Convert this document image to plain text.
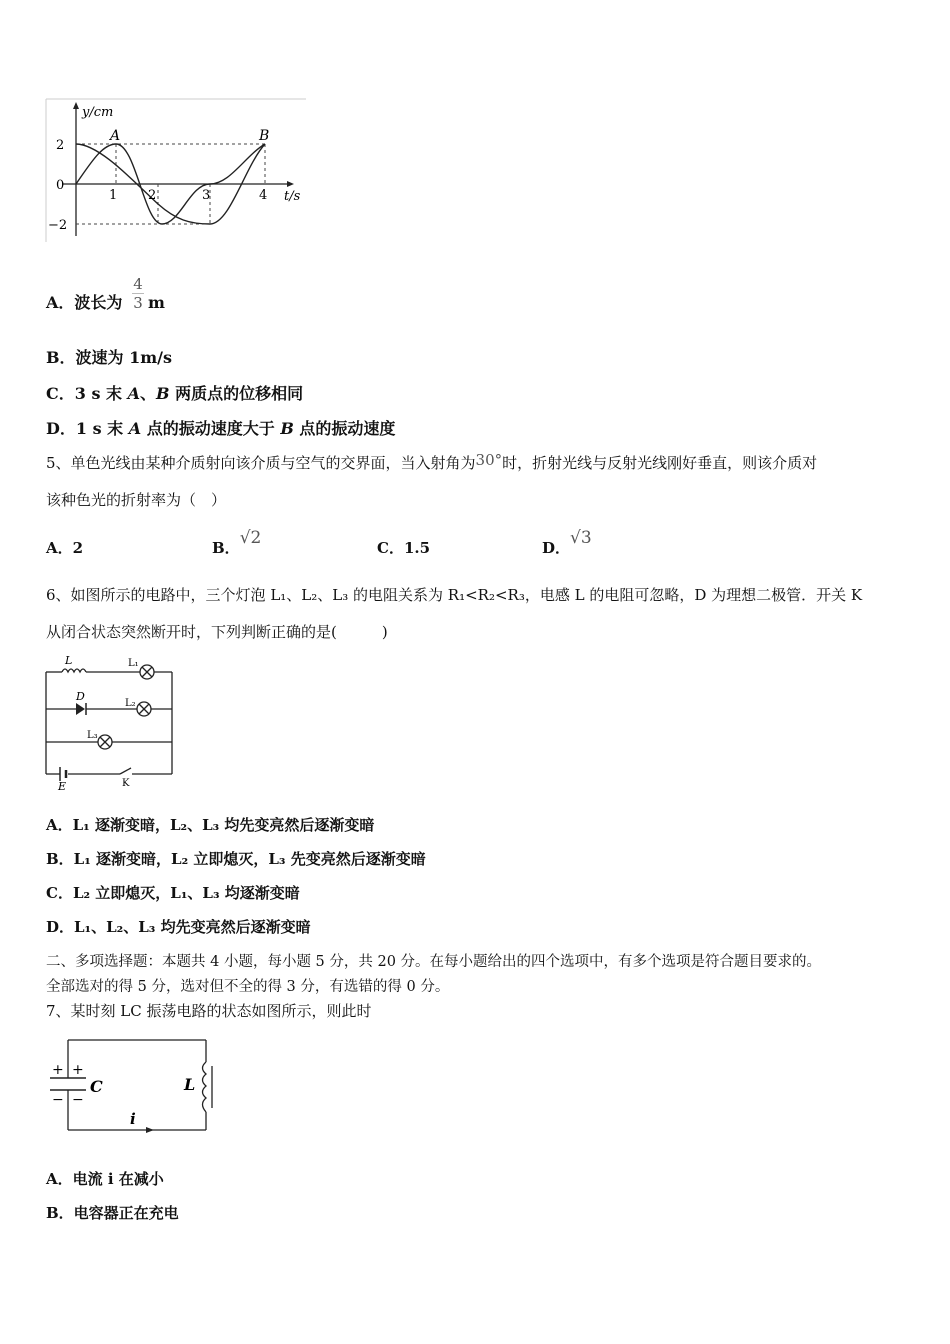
y/cm
t/s
2
0
−2
1 2	3	4
A	B
A．波长为 $\frac{4}{3}$ m
B．波速为 1m/s
C．3 s 末 A、B 两质点的位移相同
D．1 s 末 A 点的振动速度大于 B 点的振动速度
5、单色光线由某种介质射向该介质与空气的交界面，当入射角为30°时，折射光线与反射光线刚好垂直，则该介质对
该种色光的折射率为（　）
A．2	B．√2	C．1.5	D．√3
6、如图所示的电路中，三个灯泡 L₁、L₂、L₃ 的电阻关系为 R₁<R₂<R₃，电感 L 的电阻可忽略，D 为理想二极管．开关 K
从闭合状态突然断开时，下列判断正确的是(　　　)
L	L₁
D
L₂
L₃
E	K
A．L₁ 逐渐变暗，L₂、L₃ 均先变亮然后逐渐变暗
B．L₁ 逐渐变暗，L₂ 立即熄灭，L₃ 先变亮然后逐渐变暗
C．L₂ 立即熄灭，L₁、L₃ 均逐渐变暗
D．L₁、L₂、L₃ 均先变亮然后逐渐变暗
二、多项选择题：本题共 4 小题，每小题 5 分，共 20 分。在每小题给出的四个选项中，有多个选项是符合题目要求的。
全部选对的得 5 分，选对但不全的得 3 分，有选错的得 0 分。
7、某时刻 LC 振荡电路的状态如图所示，则此时
+ +
− −
C	L
i
A．电流 i 在减小
B．电容器正在充电
